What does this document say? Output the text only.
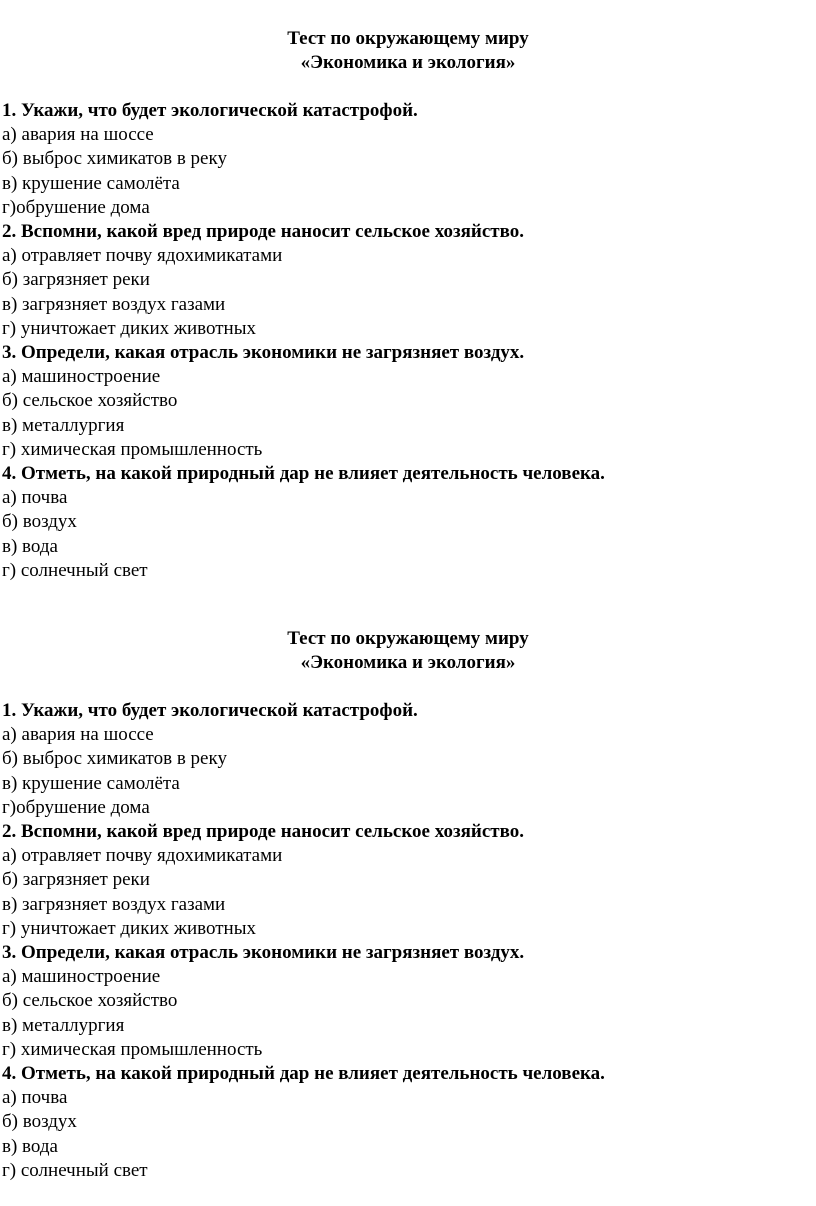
Тест по окружающему миру

«Экономика и экология»

1. Укажи, что будет экологической катастрофой.

а) авария на шоссе

б) выброс химикатов в реку

в) крушение самолёта

г)обрушение дома

2. Вспомни, какой вред природе наносит сельское хозяйство.

а) отравляет почву ядохимикатами

б) загрязняет реки

в) загрязняет воздух газами

г) уничтожает диких животных

3. Определи, какая отрасль экономики не загрязняет воздух.

а) машиностроение

б) сельское хозяйство

в) металлургия

г) химическая промышленность

4. Отметь, на какой природный дар не влияет деятельность человека.

а) почва

б) воздух

в) вода

г) солнечный свет

Тест по окружающему миру

«Экономика и экология»

1. Укажи, что будет экологической катастрофой.

а) авария на шоссе

б) выброс химикатов в реку

в) крушение самолёта

г)обрушение дома

2. Вспомни, какой вред природе наносит сельское хозяйство.

а) отравляет почву ядохимикатами

б) загрязняет реки

в) загрязняет воздух газами

г) уничтожает диких животных

3. Определи, какая отрасль экономики не загрязняет воздух.

а) машиностроение

б) сельское хозяйство

в) металлургия

г) химическая промышленность

4. Отметь, на какой природный дар не влияет деятельность человека.

а) почва

б) воздух

в) вода

г) солнечный свет
